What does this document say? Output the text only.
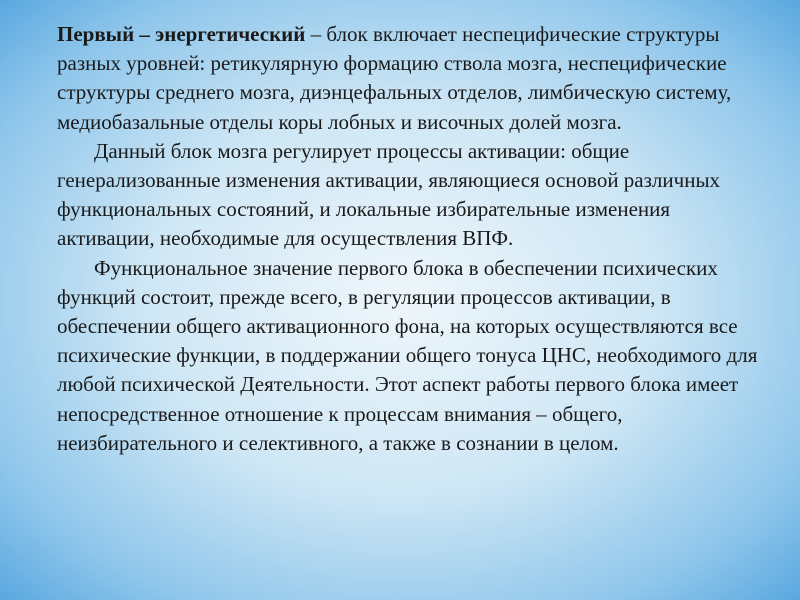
Первый – энергетический – блок включает неспецифические структуры разных уровней: ретикулярную формацию ствола мозга, неспецифические структуры среднего мозга, диэнцефальных отделов, лимбическую систему, медиобазальные отделы коры лобных и височных долей мозга.

Данный блок мозга регулирует процессы активации: общие генерализованные изменения активации, являющиеся основой различных функциональных состояний, и локальные избирательные изменения активации, необходимые для осуществления ВПФ.

Функциональное значение первого блока в обеспечении психических функций состоит, прежде всего, в регуляции процессов активации, в обеспечении общего активационного фона, на которых осуществляются все психические функции, в поддержании общего тонуса ЦНС, необходимого для любой психической Деятельности. Этот аспект работы первого блока имеет непосредственное отношение к процессам внимания – общего, неизбирательного и селективного, а также в сознании в целом.
